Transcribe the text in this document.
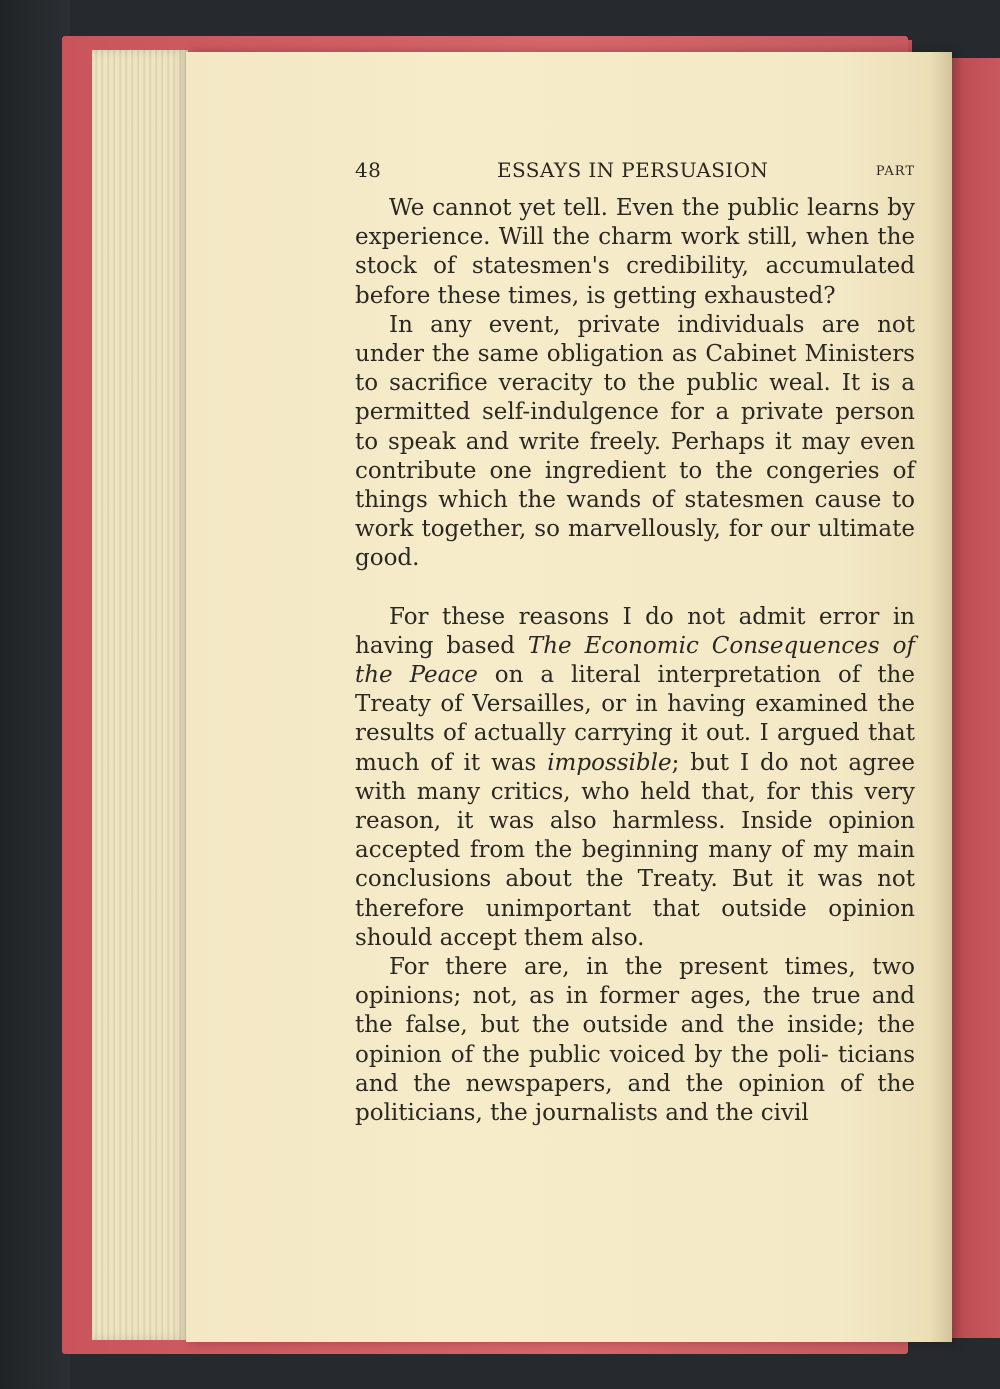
48	ESSAYS IN PERSUASION	PART
We cannot yet tell. Even the public learns by experience. Will the charm work still, when the stock of statesmen's credibility, accumulated before these times, is getting exhausted?
In any event, private individuals are not under the same obligation as Cabinet Ministers to sacrifice veracity to the public weal. It is a permitted self-indulgence for a private person to speak and write freely. Perhaps it may even contribute one ingredient to the congeries of things which the wands of statesmen cause to work together, so marvellously, for our ultimate good.
For these reasons I do not admit error in having based The Economic Consequences of the Peace on a literal interpretation of the Treaty of Versailles, or in having examined the results of actually carrying it out. I argued that much of it was impossible; but I do not agree with many critics, who held that, for this very reason, it was also harmless. Inside opinion accepted from the beginning many of my main conclusions about the Treaty. But it was not therefore unimportant that outside opinion should accept them also.
For there are, in the present times, two opinions; not, as in former ages, the true and the false, but the outside and the inside; the opinion of the public voiced by the poli- ticians and the newspapers, and the opinion of the politicians, the journalists and the civil
